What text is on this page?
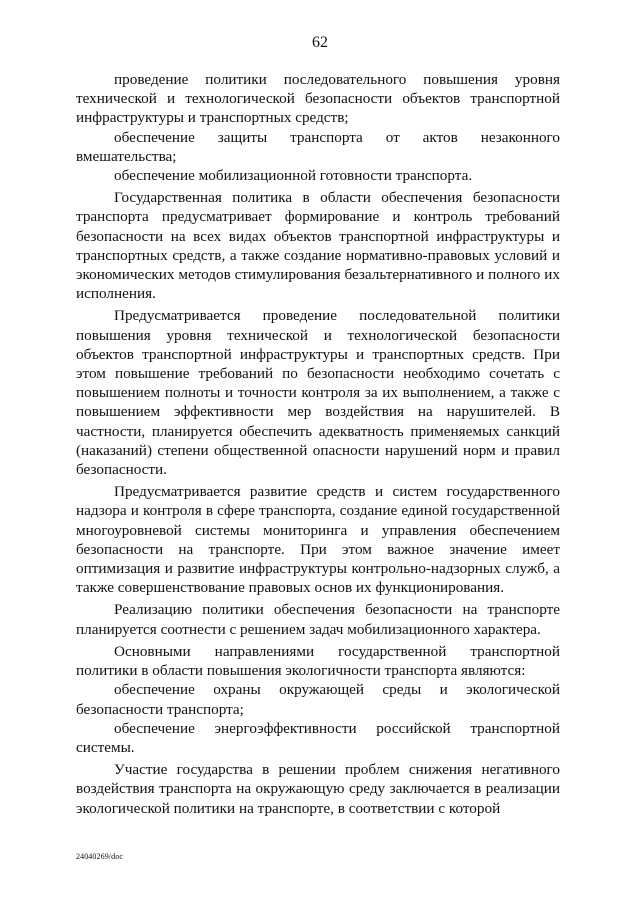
62

проведение политики последовательного повышения уровня технической и технологической безопасности объектов транспортной инфраструктуры и транспортных средств;

обеспечение защиты транспорта от актов незаконного вмешательства;

обеспечение мобилизационной готовности транспорта.

Государственная политика в области обеспечения безопасности транспорта предусматривает формирование и контроль требований безопасности на всех видах объектов транспортной инфраструктуры и транспортных средств, а также создание нормативно-правовых условий и экономических методов стимулирования безальтернативного и полного их исполнения.

Предусматривается проведение последовательной политики повышения уровня технической и технологической безопасности объектов транспортной инфраструктуры и транспортных средств. При этом повышение требований по безопасности необходимо сочетать с повышением полноты и точности контроля за их выполнением, а также с повышением эффективности мер воздействия на нарушителей. В частности, планируется обеспечить адекватность применяемых санкций (наказаний) степени общественной опасности нарушений норм и правил безопасности.

Предусматривается развитие средств и систем государственного надзора и контроля в сфере транспорта, создание единой государственной многоуровневой системы мониторинга и управления обеспечением безопасности на транспорте. При этом важное значение имеет оптимизация и развитие инфраструктуры контрольно-надзорных служб, а также совершенствование правовых основ их функционирования.

Реализацию политики обеспечения безопасности на транспорте планируется соотнести с решением задач мобилизационного характера.

Основными направлениями государственной транспортной политики в области повышения экологичности транспорта являются:

обеспечение охраны окружающей среды и экологической безопасности транспорта;

обеспечение энергоэффективности российской транспортной системы.

Участие государства в решении проблем снижения негативного воздействия транспорта на окружающую среду заключается в реализации экологической политики на транспорте, в соответствии с которой

24040269/doc
